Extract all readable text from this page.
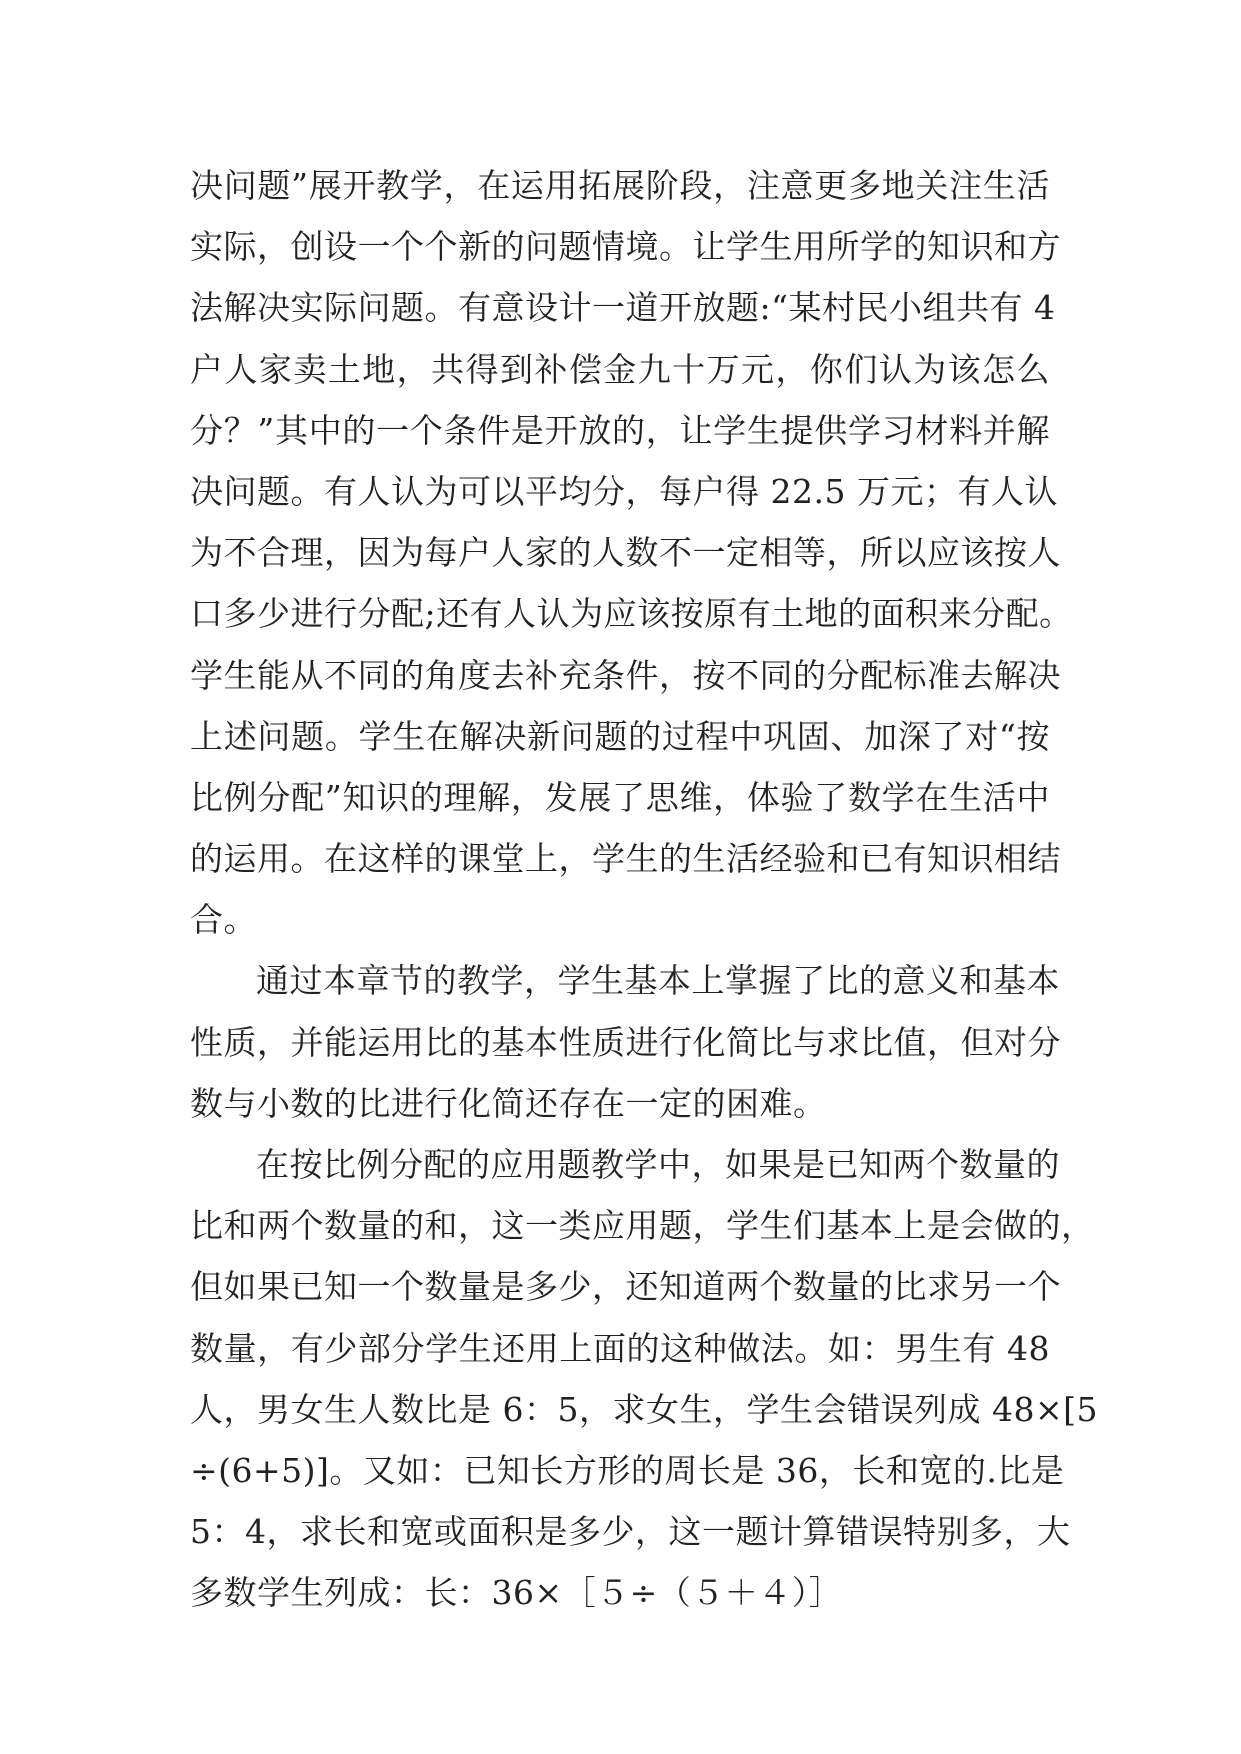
决问题”展开教学，在运用拓展阶段，注意更多地关注生活
实际，创设一个个新的问题情境。让学生用所学的知识和方
法解决实际问题。有意设计一道开放题:“某村民小组共有 4
户人家卖土地，共得到补偿金九十万元，你们认为该怎么
分？”其中的一个条件是开放的，让学生提供学习材料并解
决问题。有人认为可以平均分，每户得 22.5 万元；有人认
为不合理，因为每户人家的人数不一定相等，所以应该按人
口多少进行分配;还有人认为应该按原有土地的面积来分配。
学生能从不同的角度去补充条件，按不同的分配标准去解决
上述问题。学生在解决新问题的过程中巩固、加深了对“按
比例分配”知识的理解，发展了思维，体验了数学在生活中
的运用。在这样的课堂上，学生的生活经验和已有知识相结
合。
通过本章节的教学，学生基本上掌握了比的意义和基本
性质，并能运用比的基本性质进行化简比与求比值，但对分
数与小数的比进行化简还存在一定的困难。
在按比例分配的应用题教学中，如果是已知两个数量的
比和两个数量的和，这一类应用题，学生们基本上是会做的，
但如果已知一个数量是多少，还知道两个数量的比求另一个
数量，有少部分学生还用上面的这种做法。如：男生有 48
人，男女生人数比是 6：5，求女生，学生会错误列成 48×[5
÷(6+5)]。又如：已知长方形的周长是 36，长和宽的.比是
5：4，求长和宽或面积是多少，这一题计算错误特别多，大
多数学生列成：长：36×［５÷（５＋４）］
